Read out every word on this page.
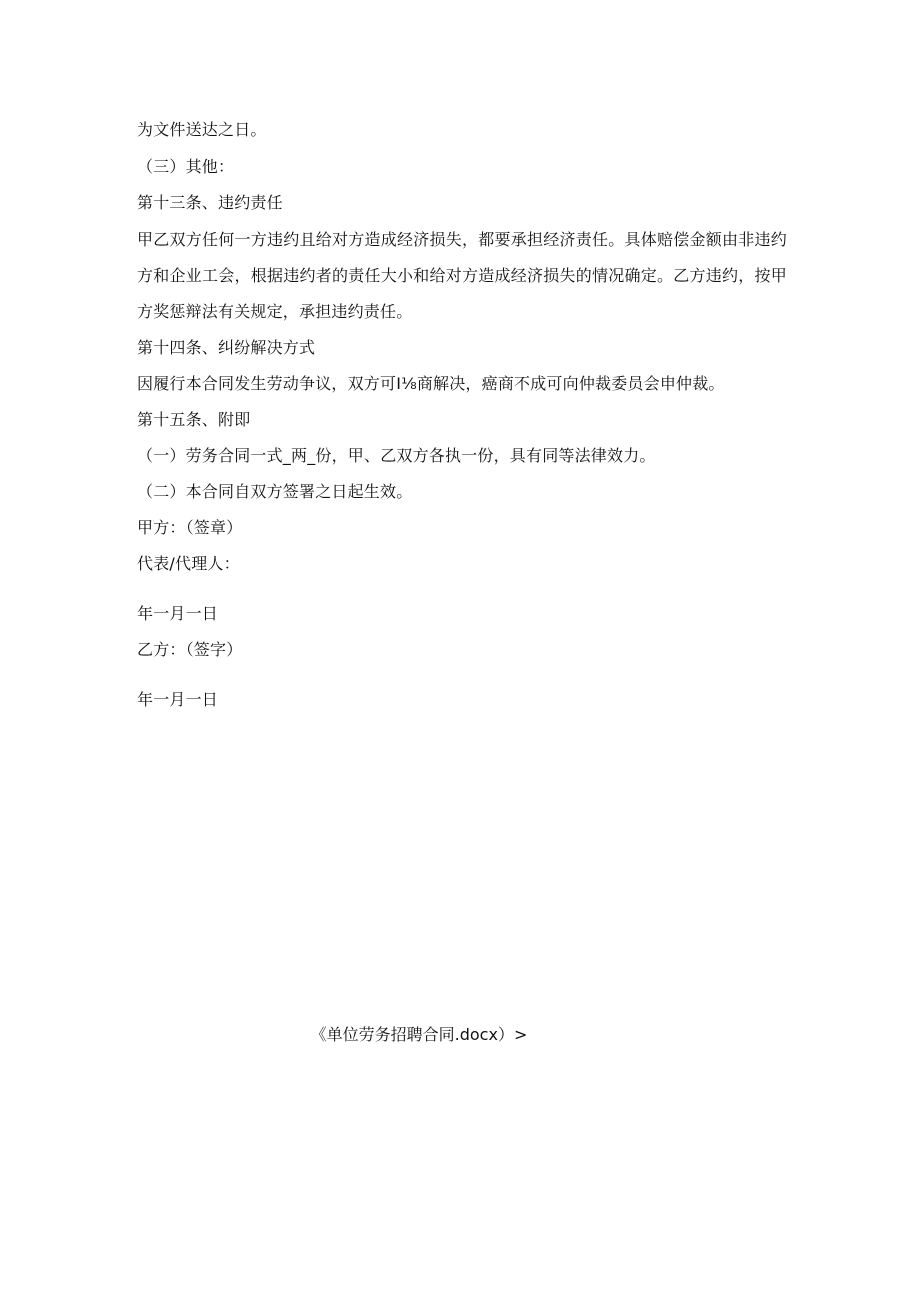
为文件送达之日。
（三）其他：
第十三条、违约责任
甲乙双方任何一方违约且给对方造成经济损失，都要承担经济责任。具体赔偿金额由非违约方和企业工会，根据违约者的责任大小和给对方造成经济损失的情况确定。乙方违约，按甲方奖惩辩法有关规定，承担违约责任。
第十四条、纠纷解决方式
因履行本合同发生劳动争议，双方可I⅛商解决，癌商不成可向仲裁委员会申仲裁。
第十五条、附即
（一）劳务合同一式_两_份，甲、乙双方各执一份，具有同等法律效力。
（二）本合同自双方签署之日起生效。
甲方：（签章）
代表/代理人：
年一月一日
乙方：（签字）
年一月一日
《单位劳务招聘合同.docx）>
